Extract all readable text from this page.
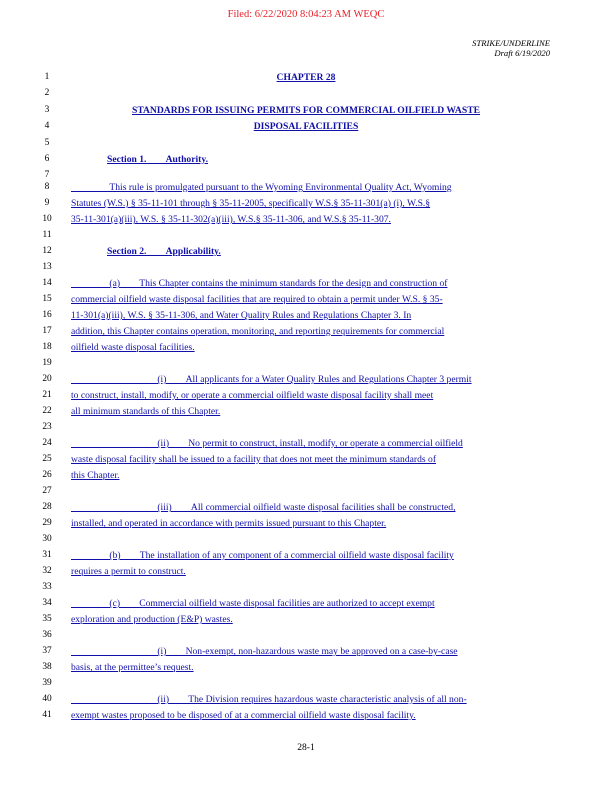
Filed: 6/22/2020 8:04:23 AM WEQC
STRIKE/UNDERLINE
Draft 6/19/2020
1
2
3
4
5
6
7
8
9
10
11
12
13
14
15
16
17
18
19
20
21
22
23
24
25
26
27
28
29
30
31
32
33
34
35
36
37
38
39
40
41
CHAPTER 28
STANDARDS FOR ISSUING PERMITS FOR COMMERCIAL OILFIELD WASTE
DISPOSAL FACILITIES
Section 1.  Authority.
    This rule is promulgated pursuant to the Wyoming Environmental Quality Act, Wyoming
Statutes (W.S.) § 35-11-101 through § 35-11-2005, specifically W.S.§ 35-11-301(a) (i), W.S.§
35-11-301(a)(iii), W.S. § 35-11-302(a)(iii), W.S.§ 35-11-306, and W.S.§ 35-11-307.
Section 2.  Applicability.
    (a)  This Chapter contains the minimum standards for the design and construction of
commercial oilfield waste disposal facilities that are required to obtain a permit under W.S. § 35-
11-301(a)(iii), W.S. § 35-11-306, and Water Quality Rules and Regulations Chapter 3. In
addition, this Chapter contains operation, monitoring, and reporting requirements for commercial
oilfield waste disposal facilities.
         (i)  All applicants for a Water Quality Rules and Regulations Chapter 3 permit
to construct, install, modify, or operate a commercial oilfield waste disposal facility shall meet
all minimum standards of this Chapter.
         (ii)  No permit to construct, install, modify, or operate a commercial oilfield
waste disposal facility shall be issued to a facility that does not meet the minimum standards of
this Chapter.
         (iii)  All commercial oilfield waste disposal facilities shall be constructed,
installed, and operated in accordance with permits issued pursuant to this Chapter.
    (b)  The installation of any component of a commercial oilfield waste disposal facility
requires a permit to construct.
    (c)  Commercial oilfield waste disposal facilities are authorized to accept exempt
exploration and production (E&P) wastes.
         (i)  Non-exempt, non-hazardous waste may be approved on a case-by-case
basis, at the permittee’s request.
         (ii)  The Division requires hazardous waste characteristic analysis of all non-
exempt wastes proposed to be disposed of at a commercial oilfield waste disposal facility.
28-1
